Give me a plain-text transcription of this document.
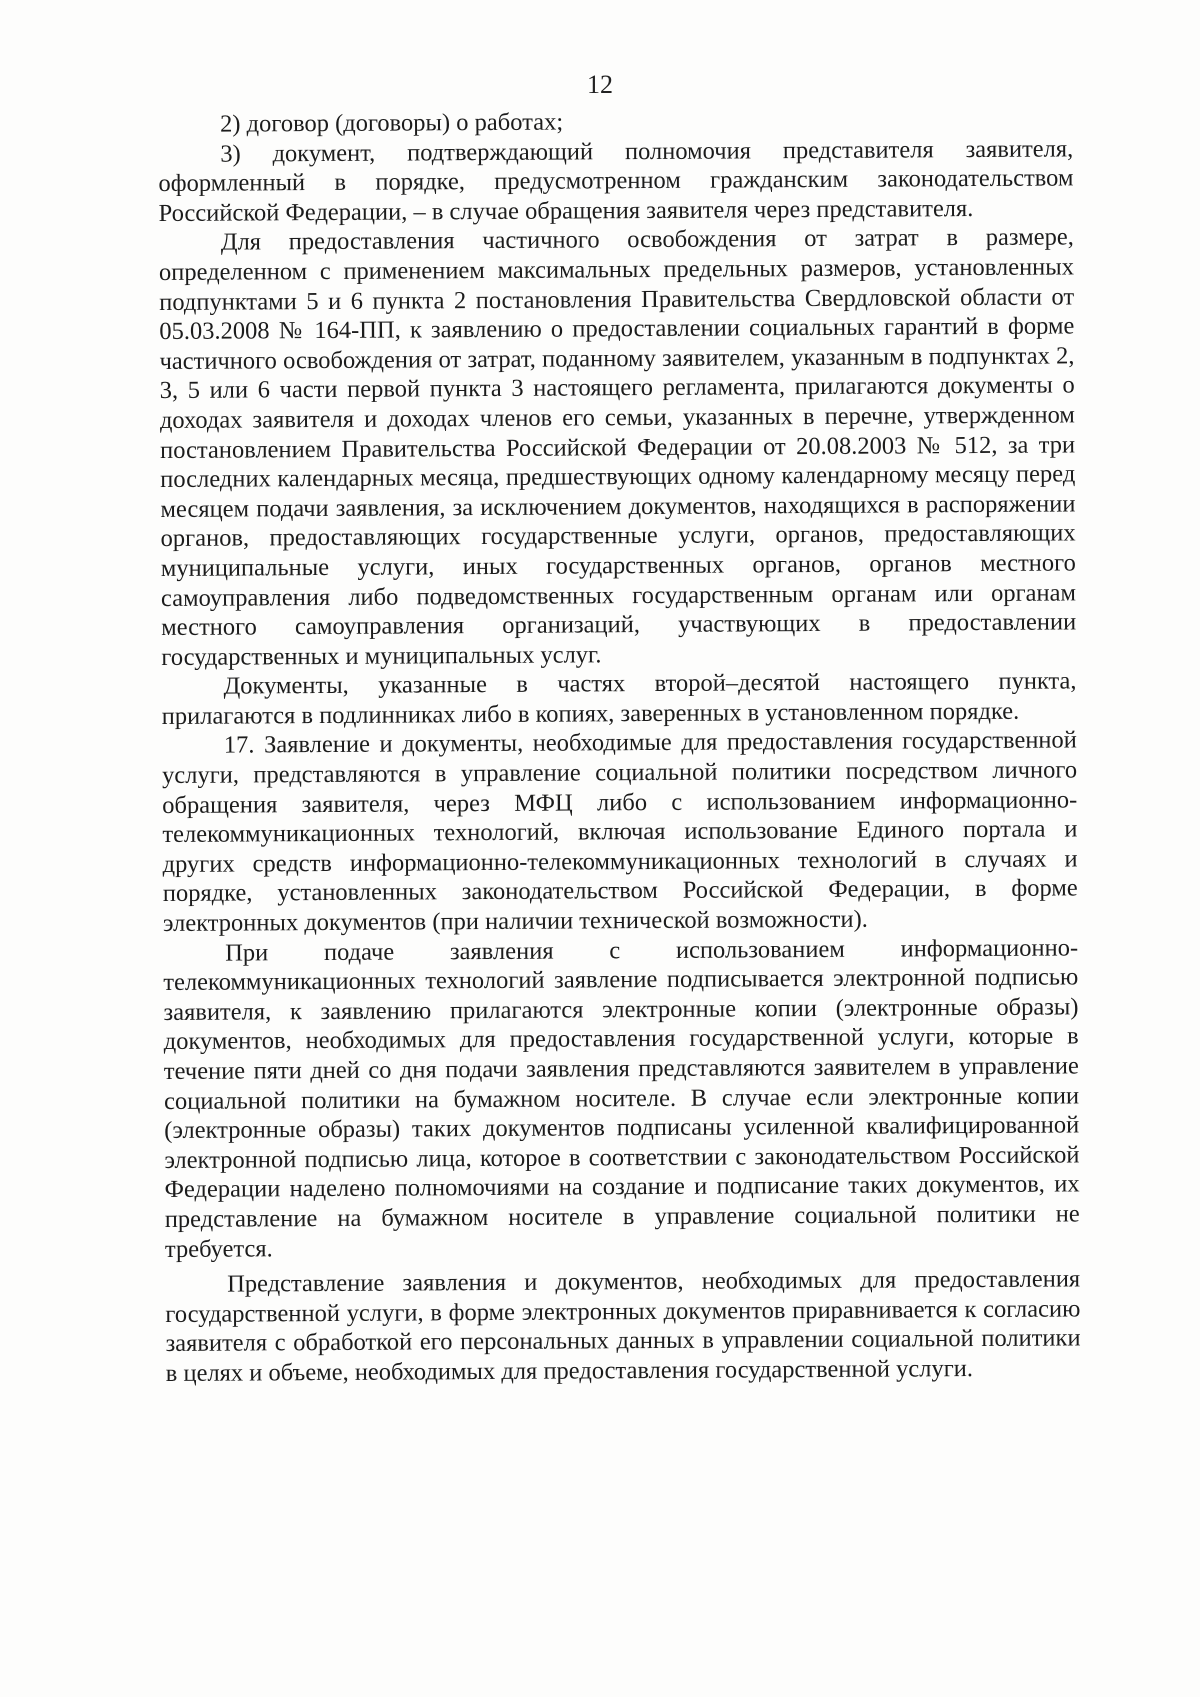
12

2) договор (договоры) о работах;

3) документ, подтверждающий полномочия представителя заявителя, оформленный в порядке, предусмотренном гражданским законодательством Российской Федерации, – в случае обращения заявителя через представителя.

Для предоставления частичного освобождения от затрат в размере, определенном с применением максимальных предельных размеров, установленных подпунктами 5 и 6 пункта 2 постановления Правительства Свердловской области от 05.03.2008 № 164-ПП, к заявлению о предоставлении социальных гарантий в форме частичного освобождения от затрат, поданному заявителем, указанным в подпунктах 2, 3, 5 или 6 части первой пункта 3 настоящего регламента, прилагаются документы о доходах заявителя и доходах членов его семьи, указанных в перечне, утвержденном постановлением Правительства Российской Федерации от 20.08.2003 № 512, за три последних календарных месяца, предшествующих одному календарному месяцу перед месяцем подачи заявления, за исключением документов, находящихся в распоряжении органов, предоставляющих государственные услуги, органов, предоставляющих муниципальные услуги, иных государственных органов, органов местного самоуправления либо подведомственных государственным органам или органам местного самоуправления организаций, участвующих в предоставлении государственных и муниципальных услуг.

Документы, указанные в частях второй–десятой настоящего пункта, прилагаются в подлинниках либо в копиях, заверенных в установленном порядке.

17. Заявление и документы, необходимые для предоставления государственной услуги, представляются в управление социальной политики посредством личного обращения заявителя, через МФЦ либо с использованием информационно-телекоммуникационных технологий, включая использование Единого портала и других средств информационно-телекоммуникационных технологий в случаях и порядке, установленных законодательством Российской Федерации, в форме электронных документов (при наличии технической возможности).

При подаче заявления с использованием информационно-телекоммуникационных технологий заявление подписывается электронной подписью заявителя, к заявлению прилагаются электронные копии (электронные образы) документов, необходимых для предоставления государственной услуги, которые в течение пяти дней со дня подачи заявления представляются заявителем в управление социальной политики на бумажном носителе. В случае если электронные копии (электронные образы) таких документов подписаны усиленной квалифицированной электронной подписью лица, которое в соответствии с законодательством Российской Федерации наделено полномочиями на создание и подписание таких документов, их представление на бумажном носителе в управление социальной политики не требуется.

Представление заявления и документов, необходимых для предоставления государственной услуги, в форме электронных документов приравнивается к согласию заявителя с обработкой его персональных данных в управлении социальной политики в целях и объеме, необходимых для предоставления государственной услуги.
